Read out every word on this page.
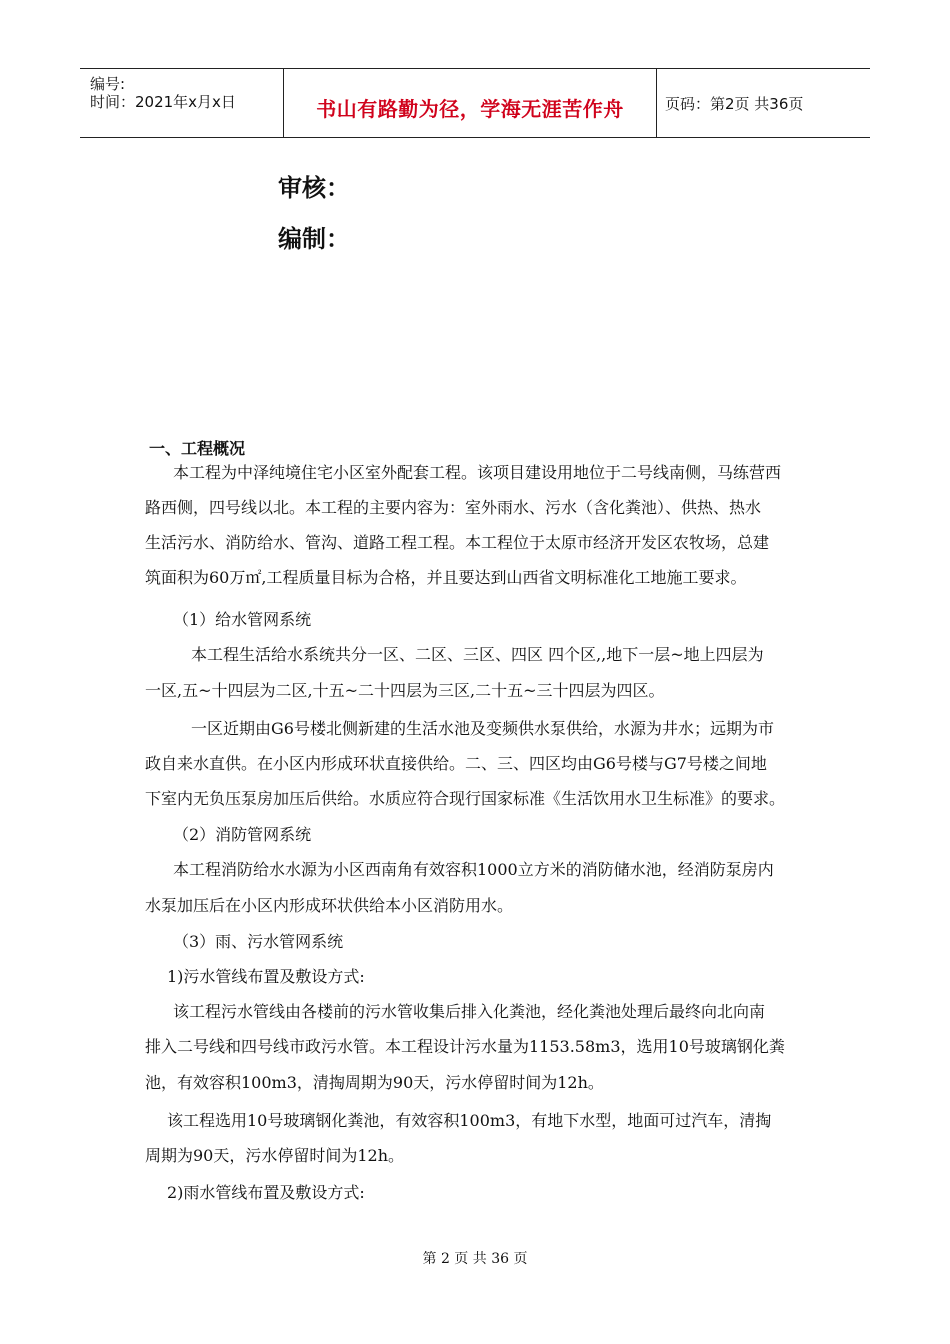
编号:
时间：2021年x月x日	书山有路勤为径，学海无涯苦作舟	页码：第2页 共36页
审核：
编制：
一、工程概况
本工程为中泽纯境住宅小区室外配套工程。该项目建设用地位于二号线南侧，马练营西
路西侧，四号线以北。本工程的主要内容为：室外雨水、污水（含化粪池）、供热、热水
生活污水、消防给水、管沟、道路工程工程。本工程位于太原市经济开发区农牧场，总建
筑面积为60万㎡,工程质量目标为合格，并且要达到山西省文明标准化工地施工要求。
（1）给水管网系统
本工程生活给水系统共分一区、二区、三区、四区 四个区,,地下一层~地上四层为
一区,五~十四层为二区,十五~二十四层为三区,二十五~三十四层为四区。
一区近期由G6号楼北侧新建的生活水池及变频供水泵供给，水源为井水；远期为市
政自来水直供。在小区内形成环状直接供给。二、三、四区均由G6号楼与G7号楼之间地
下室内无负压泵房加压后供给。水质应符合现行国家标准《生活饮用水卫生标准》的要求。
（2）消防管网系统
本工程消防给水水源为小区西南角有效容积1000立方米的消防储水池，经消防泵房内
水泵加压后在小区内形成环状供给本小区消防用水。
（3）雨、污水管网系统
1)污水管线布置及敷设方式:
该工程污水管线由各楼前的污水管收集后排入化粪池，经化粪池处理后最终向北向南
排入二号线和四号线市政污水管。本工程设计污水量为1153.58m3，选用10号玻璃钢化粪
池，有效容积100m3，清掏周期为90天，污水停留时间为12h。
该工程选用10号玻璃钢化粪池，有效容积100m3，有地下水型，地面可过汽车，清掏
周期为90天，污水停留时间为12h。
2)雨水管线布置及敷设方式:
第 2 页 共 36 页
